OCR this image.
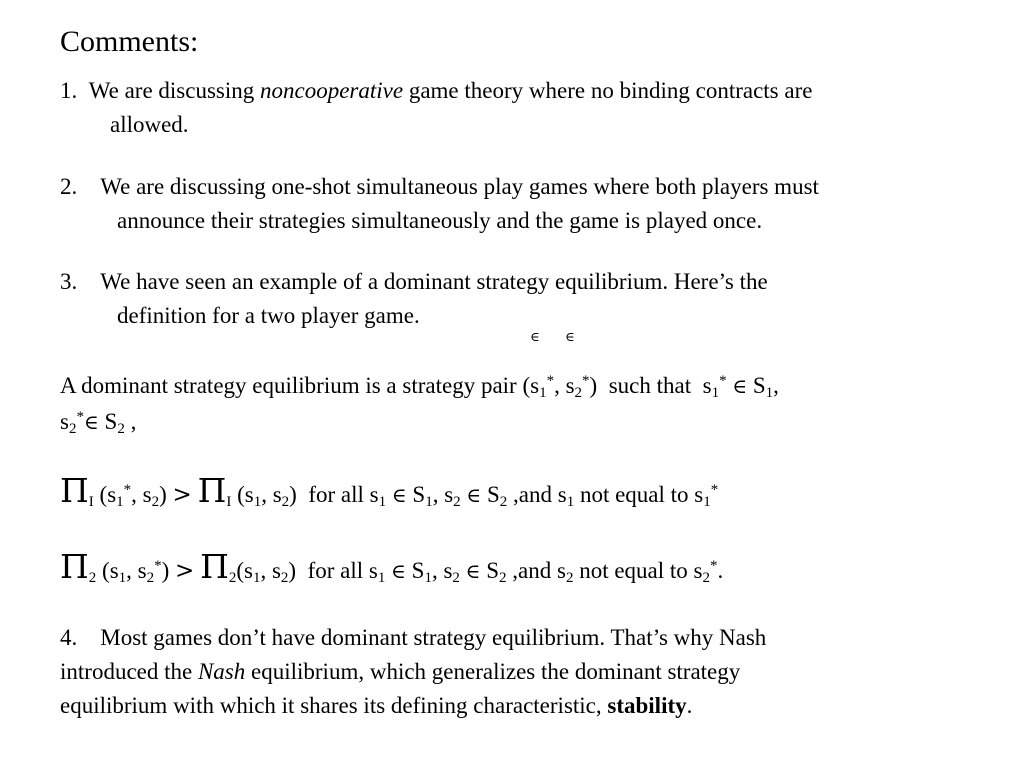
Comments:
1. We are discussing noncooperative game theory where no binding contracts are
allowed.
2. We are discussing one-shot simultaneous play games where both players must
announce their strategies simultaneously and the game is played once.
3. We have seen an example of a dominant strategy equilibrium. Here’s the
definition for a two player game.
∈ ∈
A dominant strategy equilibrium is a strategy pair ($s_1^*$, $s_2^*$)  such that  $s_1^*$ ∈ $S_1$,
$s_2^*\in$ $S_2$ ,
$\Pi_I$ ($s_1^*$, $s_2) > \Pi_I$ ($s_1$, $s_2$)  for all $s_1$ ∈ $S_1$, $s_2$ ∈ $S_2$ ,and $s_1$ not equal to $s_1^*$
$\Pi_2$ ($s_1$, $s_2^*) > \Pi_2(s_1$, $s_2$)  for all $s_1$ ∈ $S_1$, $s_2$ ∈ $S_2$ ,and $s_2$ not equal to $s_2^*$.
4. Most games don’t have dominant strategy equilibrium. That’s why Nash
introduced the Nash equilibrium, which generalizes the dominant strategy
equilibrium with which it shares its defining characteristic, stability.
